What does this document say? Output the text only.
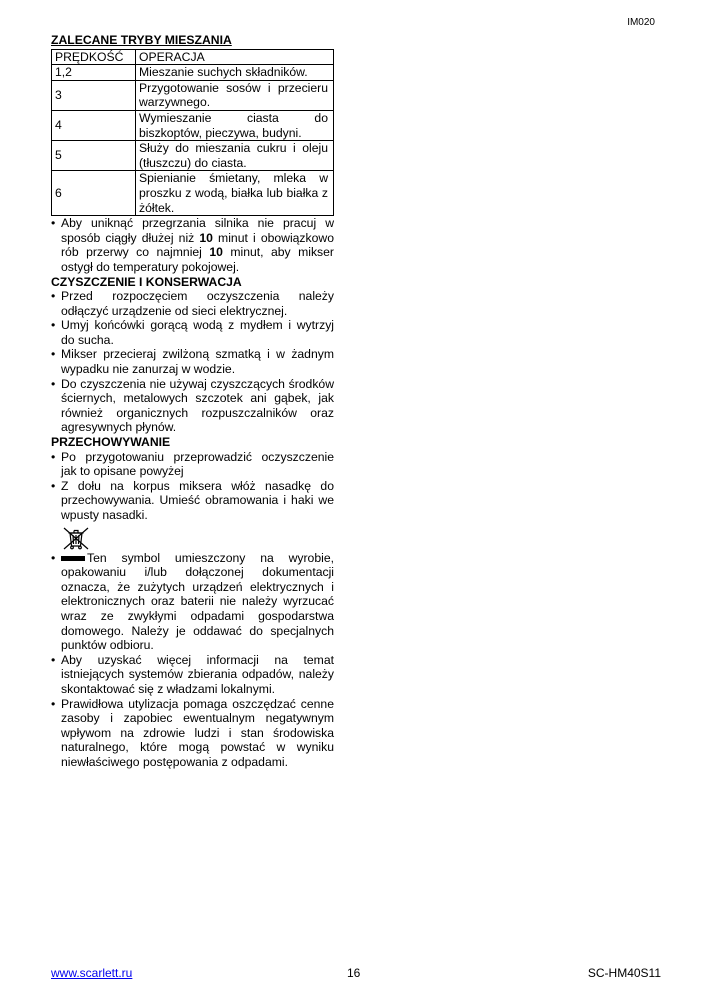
IM020
ZALECANE TRYBY MIESZANIA
PRĘDKOŚĆ	OPERACJA
1,2	Mieszanie suchych składników.
3	Przygotowanie sosów i przecieru warzywnego.
4	Wymieszanie ciasta do biszkoptów, pieczywa, budyni.
5	Służy do mieszania cukru i oleju (tłuszczu) do ciasta.
6	Spienianie śmietany, mleka w proszku z wodą, białka lub białka z żółtek.
• Aby uniknąć przegrzania silnika nie pracuj w sposób ciągły dłużej niż 10 minut i obowiązkowo rób przerwy co najmniej 10 minut, aby mikser ostygł do temperatury pokojowej.
CZYSZCZENIE I KONSERWACJA
• Przed rozpoczęciem oczyszczenia należy odłączyć urządzenie od sieci elektrycznej.
• Umyj końcówki gorącą wodą z mydłem i wytrzyj do sucha.
• Mikser przecieraj zwilżoną szmatką i w żadnym wypadku nie zanurzaj w wodzie.
• Do czyszczenia nie używaj czyszczących środków ściernych, metalowych szczotek ani gąbek, jak również organicznych rozpuszczalników oraz agresywnych płynów.
PRZECHOWYWANIE
• Po przygotowaniu przeprowadzić oczyszczenie jak to opisane powyżej
• Z dołu na korpus miksera włóż nasadkę do przechowywania. Umieść obramowania i haki we wpusty nasadki.
• Ten symbol umieszczony na wyrobie, opakowaniu i/lub dołączonej dokumentacji oznacza, że zużytych urządzeń elektrycznych i elektronicznych oraz baterii nie należy wyrzucać wraz ze zwykłymi odpadami gospodarstwa domowego. Należy je oddawać do specjalnych punktów odbioru.
• Aby uzyskać więcej informacji na temat istniejących systemów zbierania odpadów, należy skontaktować się z władzami lokalnymi.
• Prawidłowa utylizacja pomaga oszczędzać cenne zasoby i zapobiec ewentualnym negatywnym wpływom na zdrowie ludzi i stan środowiska naturalnego, które mogą powstać w wyniku niewłaściwego postępowania z odpadami.
www.scarlett.ru	16	SC-HM40S11
